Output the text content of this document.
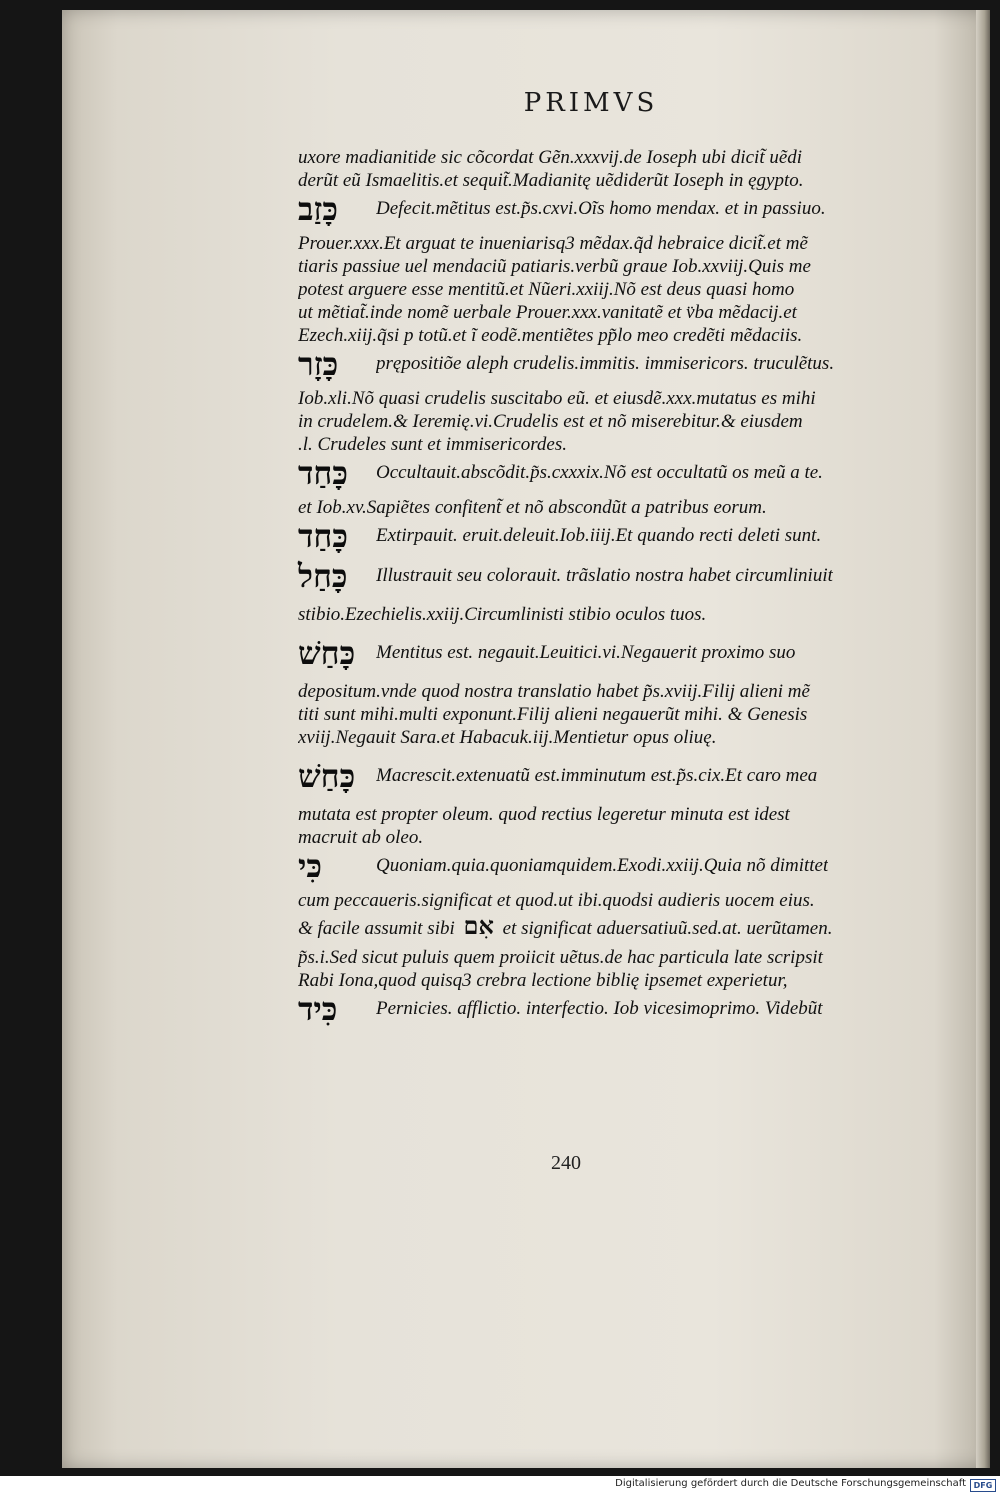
PRIMVS
uxore madianitide sic cõcordat Gẽn.xxxvij.de Ioseph ubi dicit̃ uẽdi
derũt eũ Ismaelitis.et sequit̃.Madianitę uẽdiderũt Ioseph in ęgypto.
כָּזַב	Defecit.mẽtitus est.p̃s.cxvi.Oĩs homo mendax. et in passiuo.
Prouer.xxx.Et arguat te inueniarisq3 mẽdax.q̃d hebraice dicit̃.et mẽ
tiaris passiue uel mendaciũ patiaris.verbũ graue Iob.xxviij.Quis me
potest arguere esse mentitũ.et Nũeri.xxiij.Nõ est deus quasi homo
ut mẽtiat̃.inde nomẽ uerbale Prouer.xxx.vanitatẽ et v̈ba mẽdacij.et
Ezech.xiij.q̃si p totũ.et ĩ eodẽ.mentiẽtes pp̃lo meo credẽti mẽdaciis.
כָּזָר	prępositiõe aleph crudelis.immitis. immisericors. truculẽtus.
Iob.xli.Nõ quasi crudelis suscitabo eũ. et eiusdẽ.xxx.mutatus es mihi
in crudelem.& Ieremię.vi.Crudelis est et nõ miserebitur.& eiusdem
.l. Crudeles sunt et immisericordes.
כָּחַד	Occultauit.abscõdit.p̃s.cxxxix.Nõ est occultatũ os meũ a te.
et Iob.xv.Sapiẽtes confitent̃ et nõ abscondũt a patribus eorum.
כָּחַד	Extirpauit. eruit.deleuit.Iob.iiij.Et quando recti deleti sunt.
כָּחַל	Illustrauit seu colorauit. trãslatio nostra habet circumliniuit
stibio.Ezechielis.xxiij.Circumlinisti stibio oculos tuos.
כָּחַשׁ	Mentitus est. negauit.Leuitici.vi.Negauerit proximo suo
depositum.vnde quod nostra translatio habet p̃s.xviij.Filij alieni mẽ
titi sunt mihi.multi exponunt.Filij alieni negauerũt mihi. & Genesis
xviij.Negauit Sara.et Habacuk.iij.Mentietur opus oliuę.
כָּחַשׁ	Macrescit.extenuatũ est.imminutum est.p̃s.cix.Et caro mea
mutata est propter oleum. quod rectius legeretur minuta est idest
macruit ab oleo.
כִּי	Quoniam.quia.quoniamquidem.Exodi.xxiij.Quia nõ dimittet
cum peccaueris.significat et quod.ut ibi.quodsi audieris uocem eius.
& facile assumit sibi אִם et significat aduersatiuũ.sed.at. uerũtamen.
p̃s.i.Sed sicut puluis quem proiicit uẽtus.de hac particula late scripsit
Rabi Iona,quod quisq3 crebra lectione biblię ipsemet experietur,
כִּיד	Pernicies. afflictio. interfectio. Iob vicesimoprimo. Videbũt
240
Digitalisierung gefördert durch die Deutsche Forschungsgemeinschaft DFG
